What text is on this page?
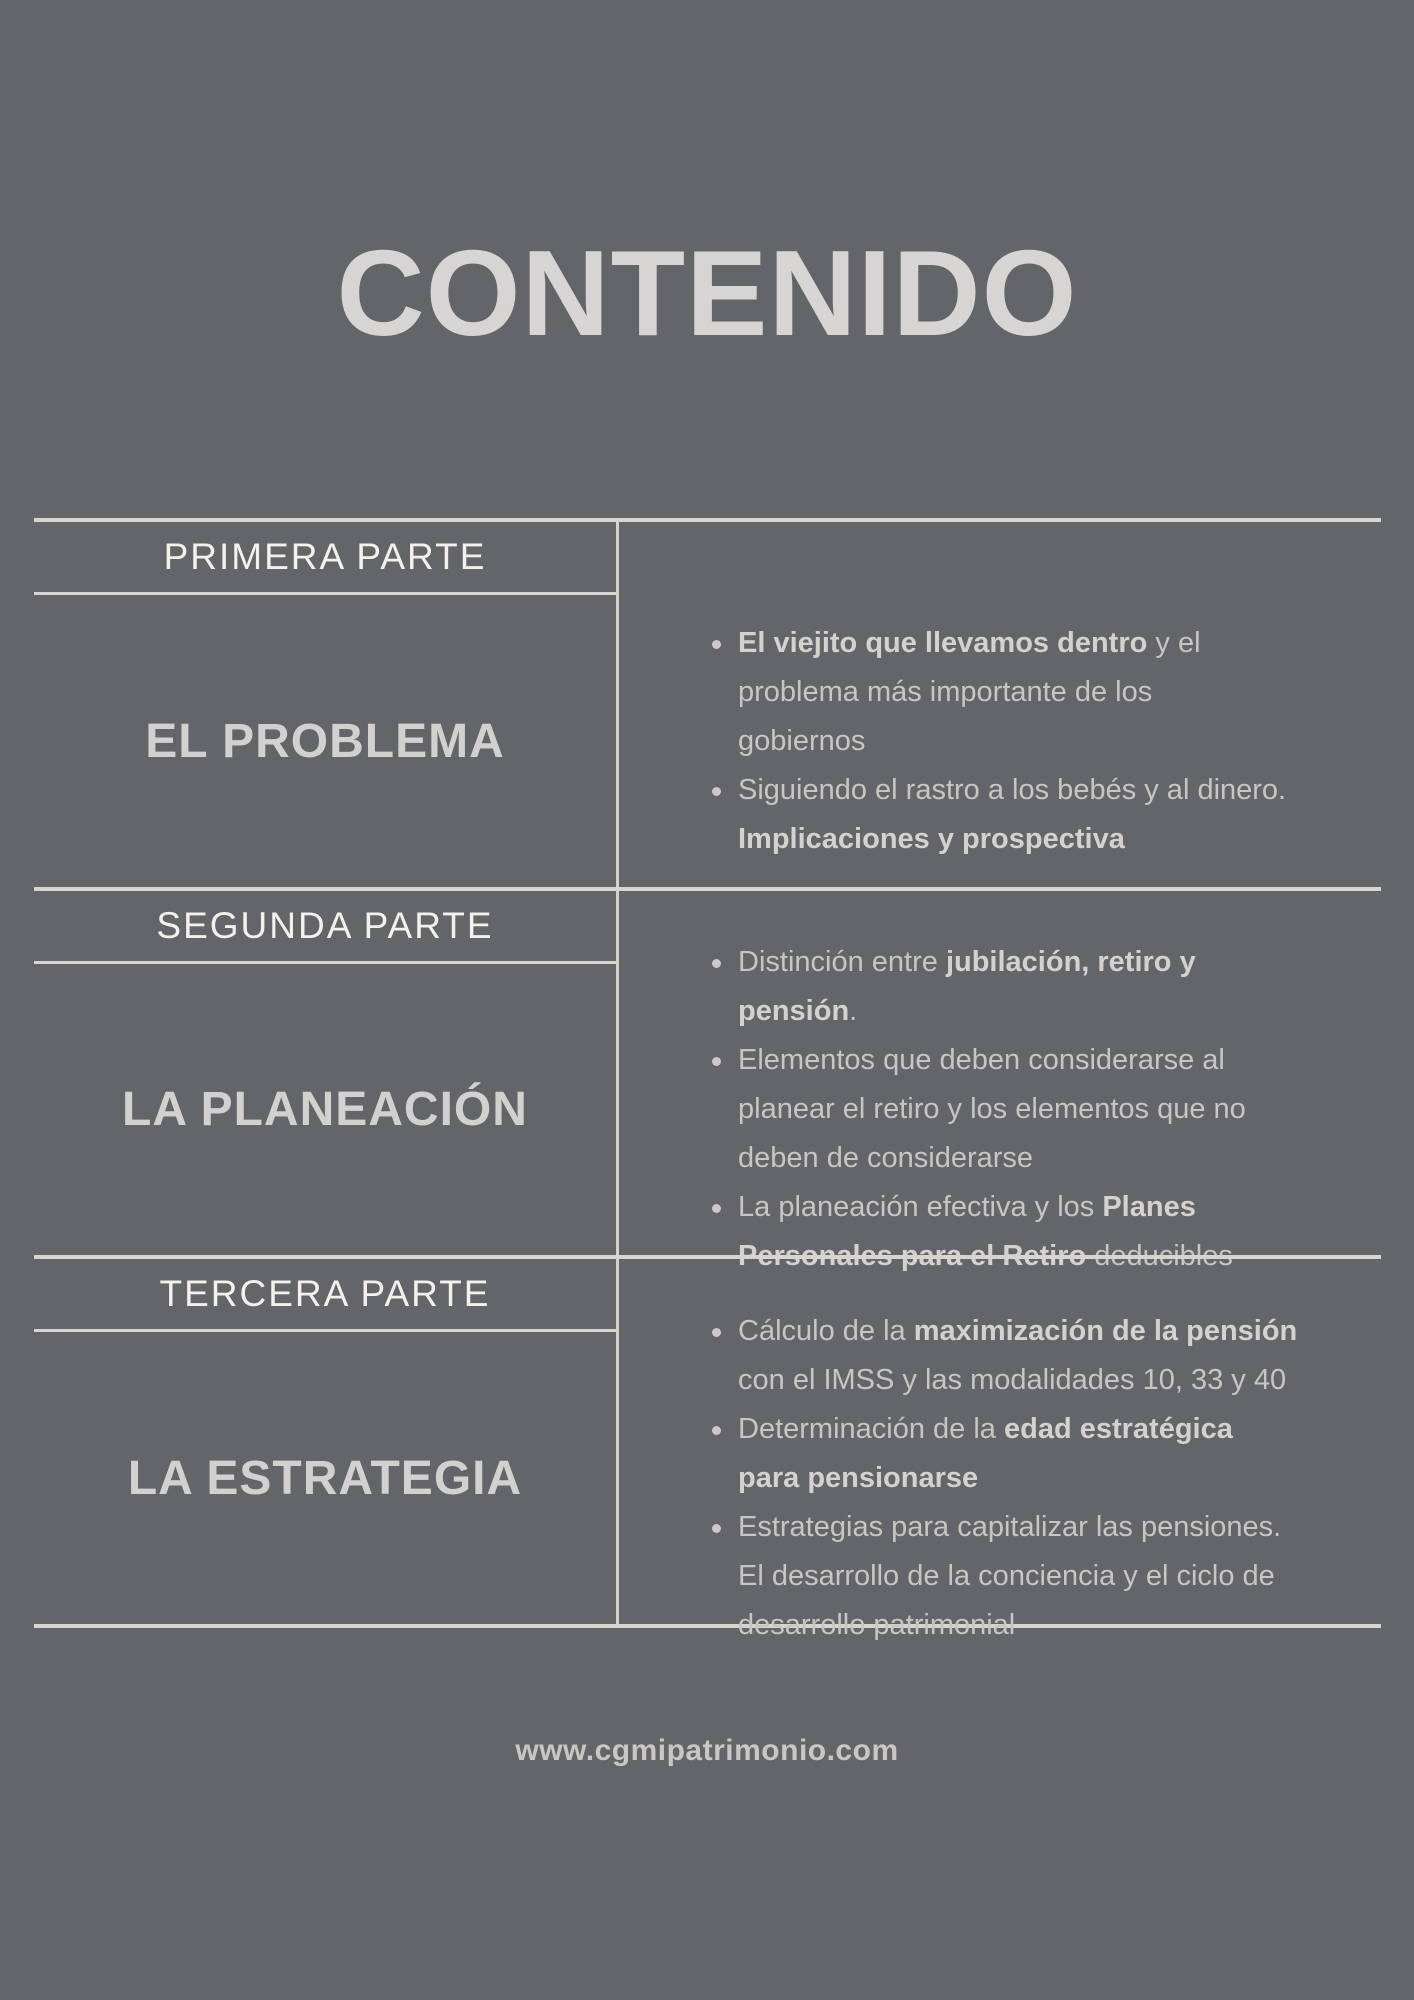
CONTENIDO
PRIMERA PARTE
EL PROBLEMA
El viejito que llevamos dentro y el
problema más importante de los
gobiernos
Siguiendo el rastro a los bebés y al dinero.
Implicaciones y prospectiva
SEGUNDA PARTE
LA PLANEACIÓN
Distinción entre jubilación, retiro y
pensión.
Elementos que deben considerarse al
planear el retiro y los elementos que no
deben de considerarse
La planeación efectiva y los Planes
Personales para el Retiro deducibles
TERCERA PARTE
LA ESTRATEGIA
Cálculo de la maximización de la pensión
con el IMSS y las modalidades 10, 33 y 40
Determinación de la edad estratégica
para pensionarse
Estrategias para capitalizar las pensiones.
El desarrollo de la conciencia y el ciclo de
desarrollo patrimonial
www.cgmipatrimonio.com
